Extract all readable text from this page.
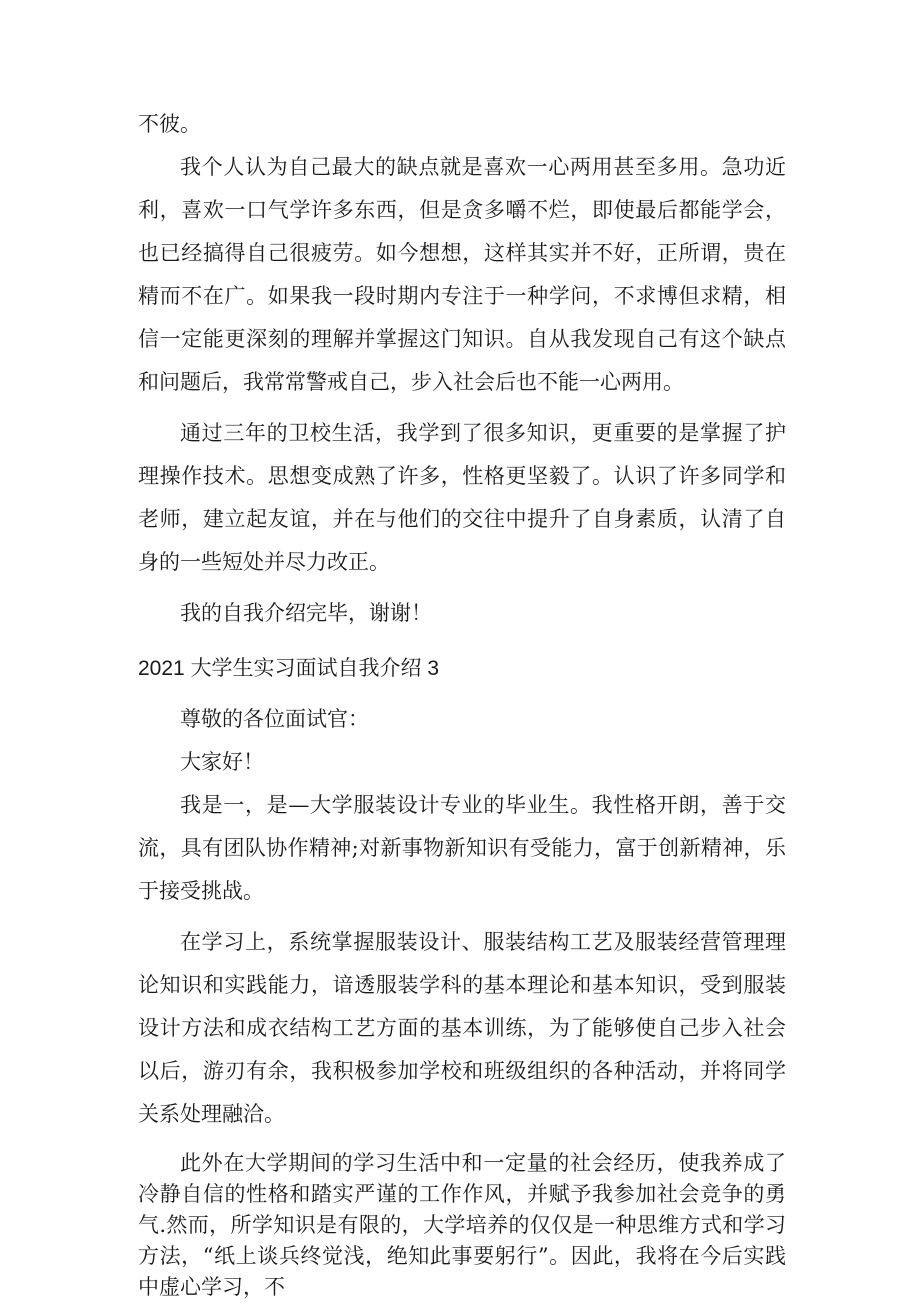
不彼。

我个人认为自己最大的缺点就是喜欢一心两用甚至多用。急功近利，喜欢一口气学许多东西，但是贪多嚼不烂，即使最后都能学会，也已经搞得自己很疲劳。如今想想，这样其实并不好，正所谓，贵在精而不在广。如果我一段时期内专注于一种学问，不求博但求精，相信一定能更深刻的理解并掌握这门知识。自从我发现自己有这个缺点和问题后，我常常警戒自己，步入社会后也不能一心两用。

通过三年的卫校生活，我学到了很多知识，更重要的是掌握了护理操作技术。思想变成熟了许多，性格更坚毅了。认识了许多同学和老师，建立起友谊，并在与他们的交往中提升了自身素质，认清了自身的一些短处并尽力改正。

我的自我介绍完毕，谢谢！

2021 大学生实习面试自我介绍 3

尊敬的各位面试官：

大家好！

我是一，是—大学服装设计专业的毕业生。我性格开朗，善于交流，具有团队协作精神;对新事物新知识有受能力，富于创新精神，乐于接受挑战。

在学习上，系统掌握服装设计、服装结构工艺及服装经营管理理论知识和实践能力，谙透服装学科的基本理论和基本知识，受到服装设计方法和成衣结构工艺方面的基本训练，为了能够使自己步入社会以后，游刃有余，我积极参加学校和班级组织的各种活动，并将同学关系处理融洽。

此外在大学期间的学习生活中和一定量的社会经历，使我养成了冷静自信的性格和踏实严谨的工作作风，并赋予我参加社会竞争的勇气.然而，所学知识是有限的，大学培养的仅仅是一种思维方式和学习方法，“纸上谈兵终觉浅，绝知此事要躬行”。因此，我将在今后实践中虚心学习，不
